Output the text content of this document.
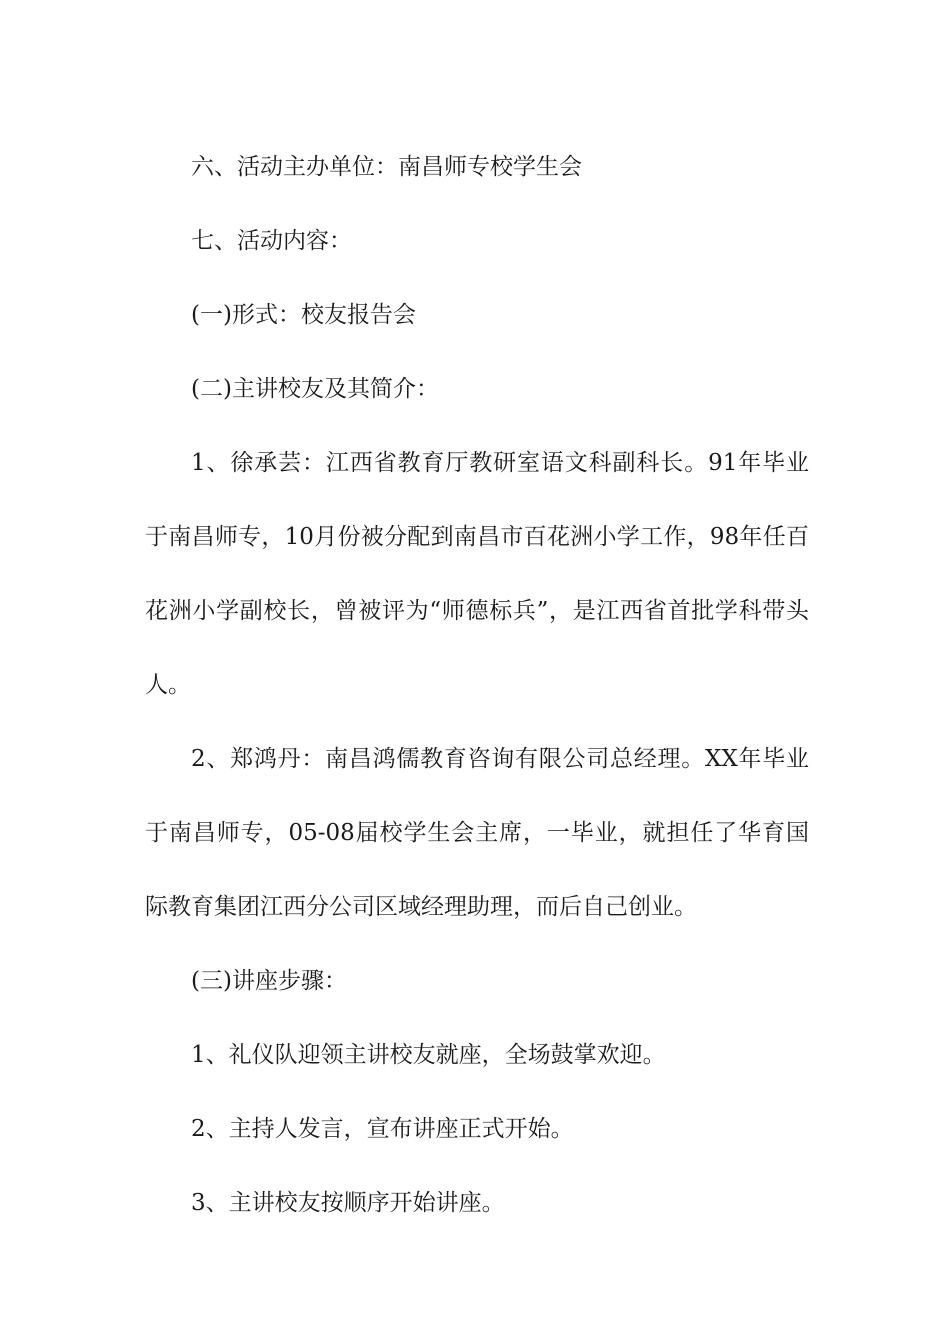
六、活动主办单位：南昌师专校学生会

七、活动内容：

(一)形式：校友报告会

(二)主讲校友及其简介：

1、徐承芸：江西省教育厅教研室语文科副科长。91年毕业于南昌师专，10月份被分配到南昌市百花洲小学工作，98年任百花洲小学副校长，曾被评为“师德标兵”，是江西省首批学科带头人。

2、郑鸿丹：南昌鸿儒教育咨询有限公司总经理。XX年毕业于南昌师专，05-08届校学生会主席，一毕业，就担任了华育国际教育集团江西分公司区域经理助理，而后自己创业。

(三)讲座步骤：

1、礼仪队迎领主讲校友就座，全场鼓掌欢迎。

2、主持人发言，宣布讲座正式开始。

3、主讲校友按顺序开始讲座。
